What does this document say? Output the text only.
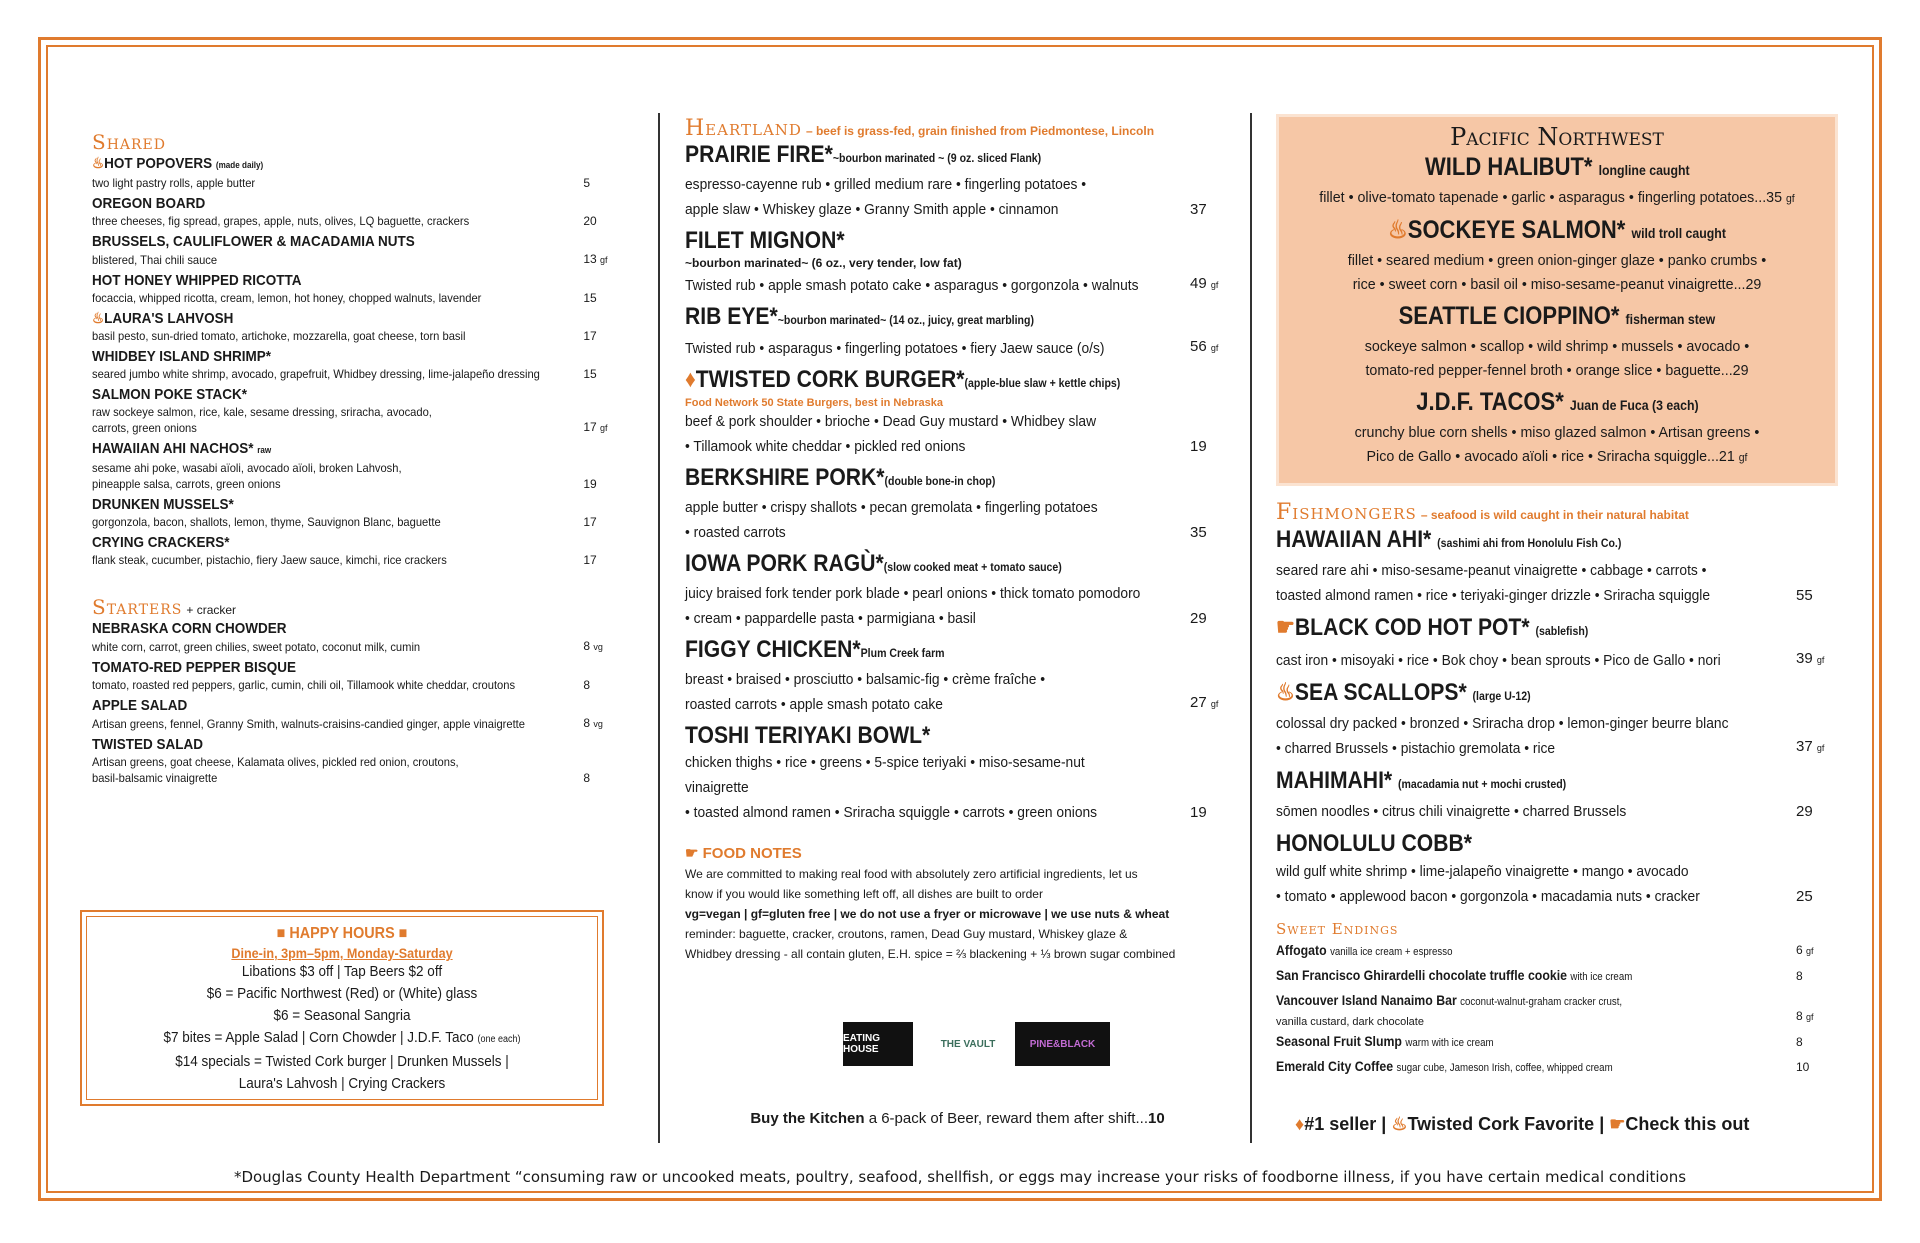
Shared
♨HOT POPOVERS (made daily)
two light pastry rolls, apple butter	5
OREGON BOARD
three cheeses, fig spread, grapes, apple, nuts, olives, LQ baguette, crackers	20
BRUSSELS, CAULIFLOWER & MACADAMIA NUTS
blistered, Thai chili sauce	13 gf
HOT HONEY WHIPPED RICOTTA
focaccia, whipped ricotta, cream, lemon, hot honey, chopped walnuts, lavender	15
♨LAURA'S LAHVOSH
basil pesto, sun-dried tomato, artichoke, mozzarella, goat cheese, torn basil	17
WHIDBEY ISLAND SHRIMP*
seared jumbo white shrimp, avocado, grapefruit, Whidbey dressing, lime-jalapeño dressing	15
SALMON POKE STACK*
raw sockeye salmon, rice, kale, sesame dressing, sriracha, avocado,
carrots, green onions	17 gf
HAWAIIAN AHI NACHOS* raw
sesame ahi poke, wasabi aïoli, avocado aïoli, broken Lahvosh,
pineapple salsa, carrots, green onions	19
DRUNKEN MUSSELS*
gorgonzola, bacon, shallots, lemon, thyme, Sauvignon Blanc, baguette	17
CRYING CRACKERS*
flank steak, cucumber, pistachio, fiery Jaew sauce, kimchi, rice crackers	17
Starters + cracker
NEBRASKA CORN CHOWDER
white corn, carrot, green chilies, sweet potato, coconut milk, cumin	8 vg
TOMATO-RED PEPPER BISQUE
tomato, roasted red peppers, garlic, cumin, chili oil, Tillamook white cheddar, croutons	8
APPLE SALAD
Artisan greens, fennel, Granny Smith, walnuts-craisins-candied ginger, apple vinaigrette	8 vg
TWISTED SALAD
Artisan greens, goat cheese, Kalamata olives, pickled red onion, croutons,
basil-balsamic vinaigrette	8
■ HAPPY HOURS ■
Dine-in, 3pm–5pm, Monday-Saturday
Libations $3 off | Tap Beers $2 off
$6 = Pacific Northwest (Red) or (White) glass
$6 = Seasonal Sangria
$7 bites = Apple Salad | Corn Chowder | J.D.F. Taco (one each)
$14 specials = Twisted Cork burger | Drunken Mussels |
Laura's Lahvosh | Crying Crackers
Heartland – beef is grass-fed, grain finished from Piedmontese, Lincoln
PRAIRIE FIRE*~bourbon marinated ~ (9 oz. sliced Flank)
espresso-cayenne rub • grilled medium rare • fingerling potatoes •
apple slaw • Whiskey glaze • Granny Smith apple • cinnamon	37
FILET MIGNON*
~bourbon marinated~ (6 oz., very tender, low fat)
Twisted rub • apple smash potato cake • asparagus • gorgonzola • walnuts	49 gf
RIB EYE*~bourbon marinated~ (14 oz., juicy, great marbling)
Twisted rub • asparagus • fingerling potatoes • fiery Jaew sauce (o/s)	56 gf
♦TWISTED CORK BURGER*(apple-blue slaw + kettle chips)
Food Network 50 State Burgers, best in Nebraska
beef & pork shoulder • brioche • Dead Guy mustard • Whidbey slaw
• Tillamook white cheddar • pickled red onions	19
BERKSHIRE PORK*(double bone-in chop)
apple butter • crispy shallots • pecan gremolata • fingerling potatoes
• roasted carrots	35
IOWA PORK RAGÙ*(slow cooked meat + tomato sauce)
juicy braised fork tender pork blade • pearl onions • thick tomato pomodoro
• cream • pappardelle pasta • parmigiana • basil	29
FIGGY CHICKEN*Plum Creek farm
breast • braised • prosciutto • balsamic-fig • crème fraîche •
roasted carrots • apple smash potato cake	27 gf
TOSHI TERIYAKI BOWL*
chicken thighs • rice • greens • 5-spice teriyaki • miso-sesame-nut vinaigrette
• toasted almond ramen • Sriracha squiggle • carrots • green onions	19
☛ FOOD NOTES
We are committed to making real food with absolutely zero artificial ingredients, let us
know if you would like something left off, all dishes are built to order
vg=vegan | gf=gluten free | we do not use a fryer or microwave | we use nuts & wheat
reminder: baguette, cracker, croutons, ramen, Dead Guy mustard, Whiskey glaze &
Whidbey dressing - all contain gluten, E.H. spice = ⅔ blackening + ⅓ brown sugar combined
EATING HOUSE	THE VAULT	PINE&BLACK
Buy the Kitchen a 6-pack of Beer, reward them after shift...10
Pacific Northwest
WILD HALIBUT* longline caught
fillet • olive-tomato tapenade • garlic • asparagus • fingerling potatoes...35 gf
♨SOCKEYE SALMON* wild troll caught
fillet • seared medium • green onion-ginger glaze • panko crumbs •
rice • sweet corn • basil oil • miso-sesame-peanut vinaigrette...29
SEATTLE CIOPPINO* fisherman stew
sockeye salmon • scallop • wild shrimp • mussels • avocado •
tomato-red pepper-fennel broth • orange slice • baguette...29
J.D.F. TACOS* Juan de Fuca (3 each)
crunchy blue corn shells • miso glazed salmon • Artisan greens •
Pico de Gallo • avocado aïoli • rice • Sriracha squiggle...21 gf
Fishmongers – seafood is wild caught in their natural habitat
HAWAIIAN AHI* (sashimi ahi from Honolulu Fish Co.)
seared rare ahi • miso-sesame-peanut vinaigrette • cabbage • carrots •
toasted almond ramen • rice • teriyaki-ginger drizzle • Sriracha squiggle	55
☛BLACK COD HOT POT* (sablefish)
cast iron • misoyaki • rice • Bok choy • bean sprouts • Pico de Gallo • nori	39 gf
♨SEA SCALLOPS* (large U-12)
colossal dry packed • bronzed • Sriracha drop • lemon-ginger beurre blanc
• charred Brussels • pistachio gremolata • rice	37 gf
MAHIMAHI* (macadamia nut + mochi crusted)
sōmen noodles • citrus chili vinaigrette • charred Brussels	29
HONOLULU COBB*
wild gulf white shrimp • lime-jalapeño vinaigrette • mango • avocado
• tomato • applewood bacon • gorgonzola • macadamia nuts • cracker	25
Sweet Endings
Affogato vanilla ice cream + espresso	6 gf
San Francisco Ghirardelli chocolate truffle cookie with ice cream	8
Vancouver Island Nanaimo Bar coconut-walnut-graham cracker crust,
vanilla custard, dark chocolate	8 gf
Seasonal Fruit Slump warm with ice cream	8
Emerald City Coffee sugar cube, Jameson Irish, coffee, whipped cream	10
♦#1 seller | ♨Twisted Cork Favorite | ☛Check this out
*Douglas County Health Department “consuming raw or uncooked meats, poultry, seafood, shellfish, or eggs may increase your risks of foodborne illness, if you have certain medical conditions
